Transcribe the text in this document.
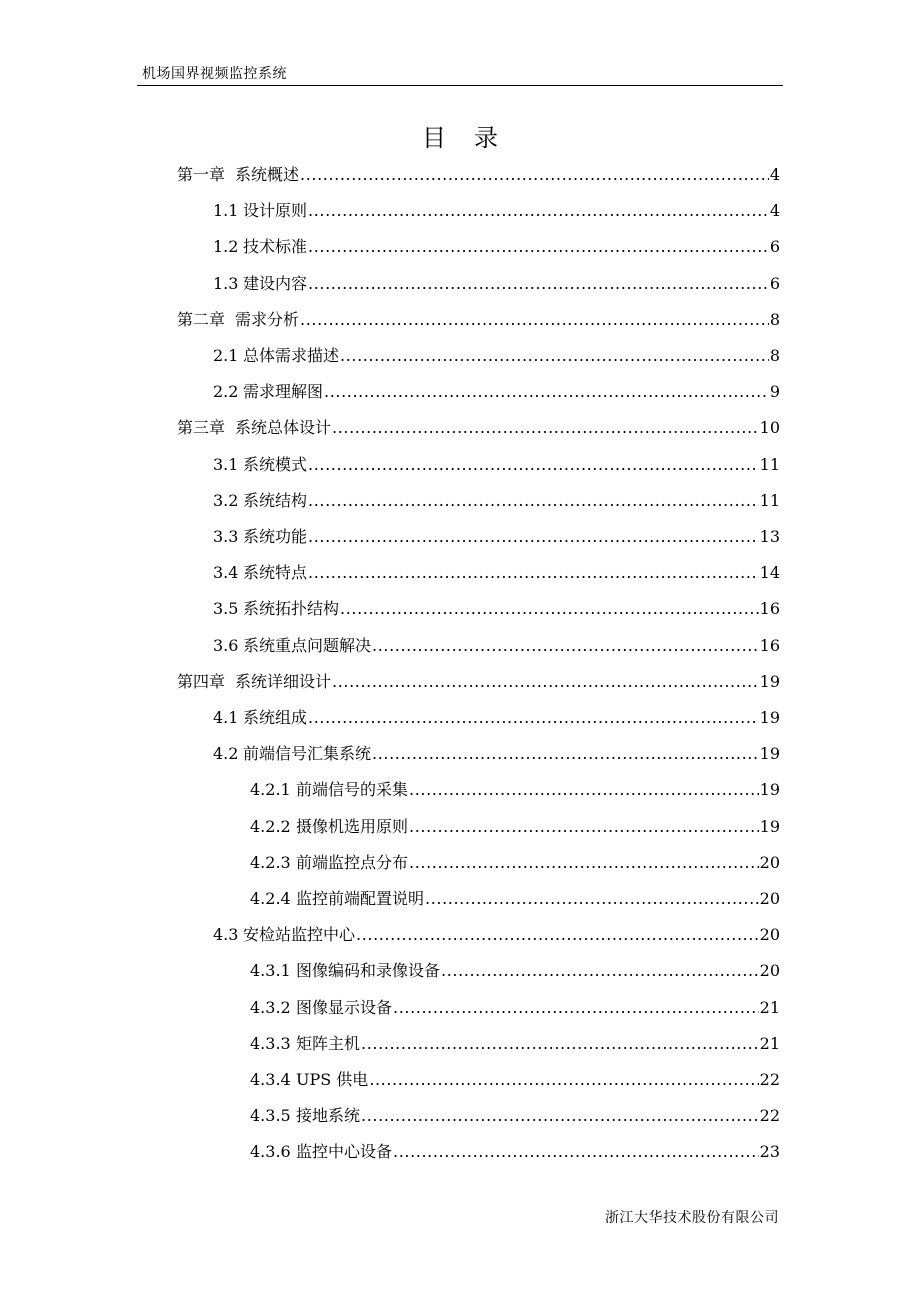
机场国界视频监控系统
目录
第一章 系统概述 .....	4
1.1 设计原则 .....	4
1.2 技术标准 .....	6
1.3 建设内容 .....	6
第二章 需求分析 .....	8
2.1 总体需求描述 .....	8
2.2 需求理解图 .....	9
第三章 系统总体设计 .....	10
3.1 系统模式 .....	11
3.2 系统结构 .....	11
3.3 系统功能 .....	13
3.4 系统特点 .....	14
3.5 系统拓扑结构 .....	16
3.6 系统重点问题解决 .....	16
第四章 系统详细设计 .....	19
4.1 系统组成 .....	19
4.2 前端信号汇集系统 .....	19
4.2.1 前端信号的采集 .....	19
4.2.2 摄像机选用原则 .....	19
4.2.3 前端监控点分布 .....	20
4.2.4 监控前端配置说明 .....	20
4.3 安检站监控中心 .....	20
4.3.1 图像编码和录像设备 .....	20
4.3.2 图像显示设备 .....	21
4.3.3 矩阵主机 .....	21
4.3.4 UPS 供电 .....	22
4.3.5 接地系统 .....	22
4.3.6 监控中心设备 .....	23
浙江大华技术股份有限公司
